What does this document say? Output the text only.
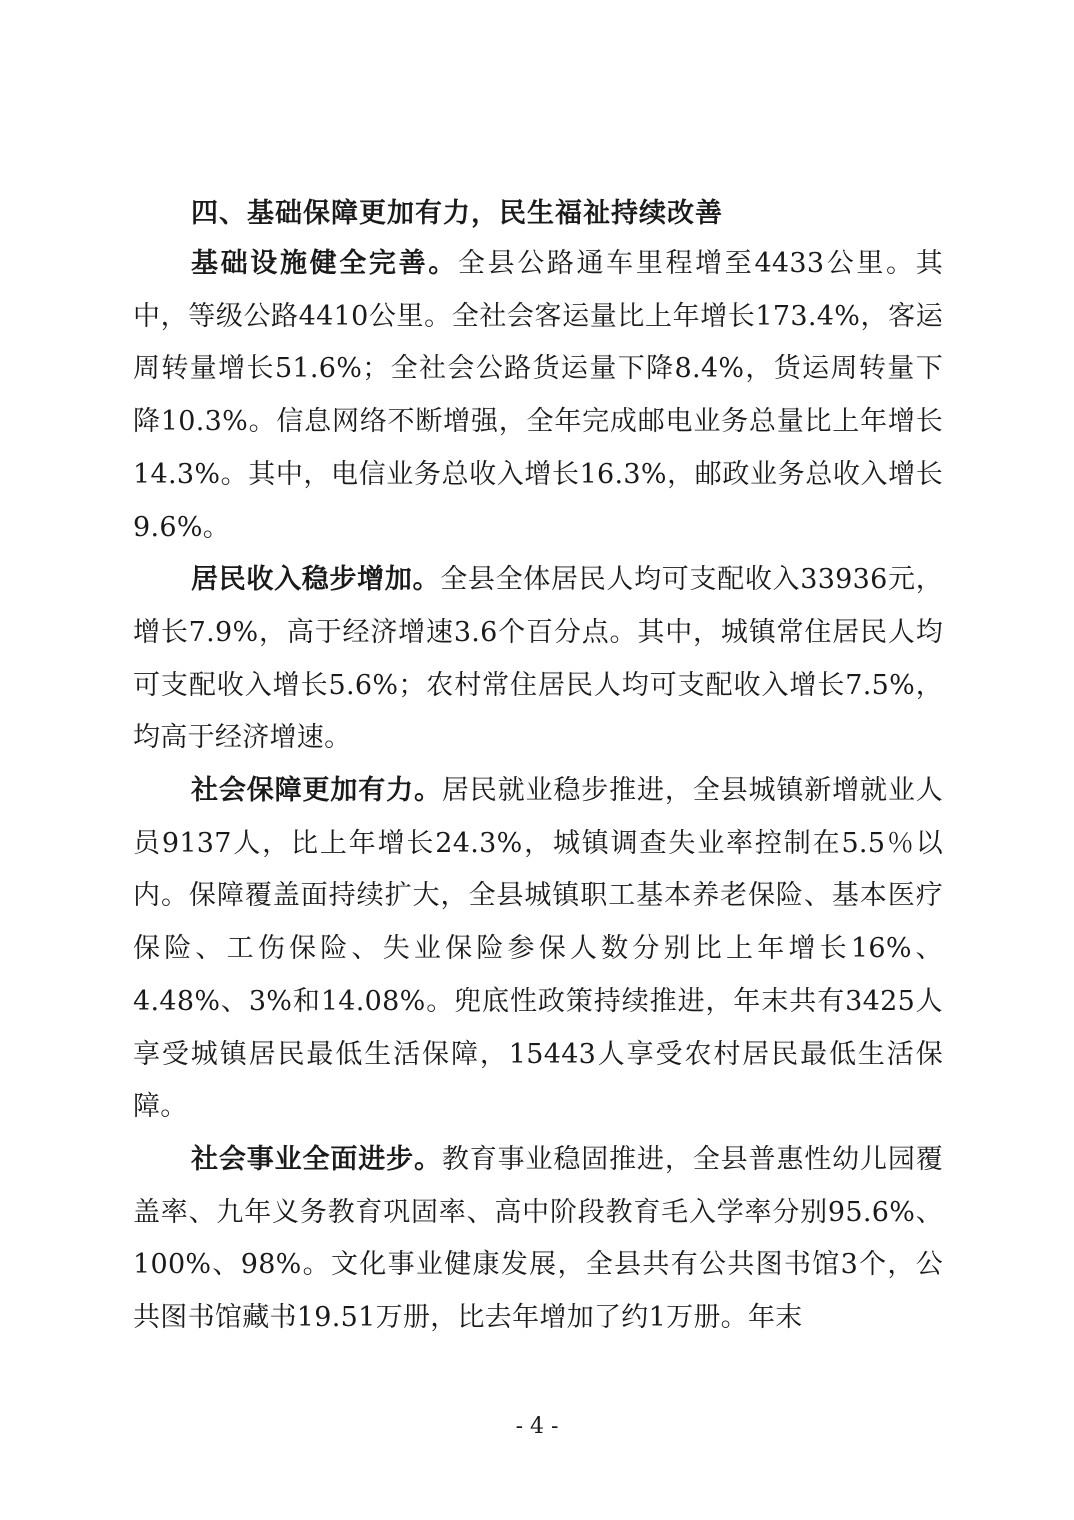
四、基础保障更加有力，民生福祉持续改善

基础设施健全完善。全县公路通车里程增至4433公里。其中，等级公路4410公里。全社会客运量比上年增长173.4%，客运周转量增长51.6%；全社会公路货运量下降8.4%，货运周转量下降10.3%。信息网络不断增强，全年完成邮电业务总量比上年增长14.3%。其中，电信业务总收入增长16.3%，邮政业务总收入增长9.6%。

居民收入稳步增加。全县全体居民人均可支配收入33936元，增长7.9%，高于经济增速3.6个百分点。其中，城镇常住居民人均可支配收入增长5.6%；农村常住居民人均可支配收入增长7.5%，均高于经济增速。

社会保障更加有力。居民就业稳步推进，全县城镇新增就业人员9137人，比上年增长24.3%，城镇调查失业率控制在5.5％以内。保障覆盖面持续扩大，全县城镇职工基本养老保险、基本医疗保险、工伤保险、失业保险参保人数分别比上年增长16%、4.48%、3%和14.08%。兜底性政策持续推进，年末共有3425人享受城镇居民最低生活保障，15443人享受农村居民最低生活保障。

社会事业全面进步。教育事业稳固推进，全县普惠性幼儿园覆盖率、九年义务教育巩固率、高中阶段教育毛入学率分别95.6%、100%、98%。文化事业健康发展，全县共有公共图书馆3个，公共图书馆藏书19.51万册，比去年增加了约1万册。年末

- 4 -
